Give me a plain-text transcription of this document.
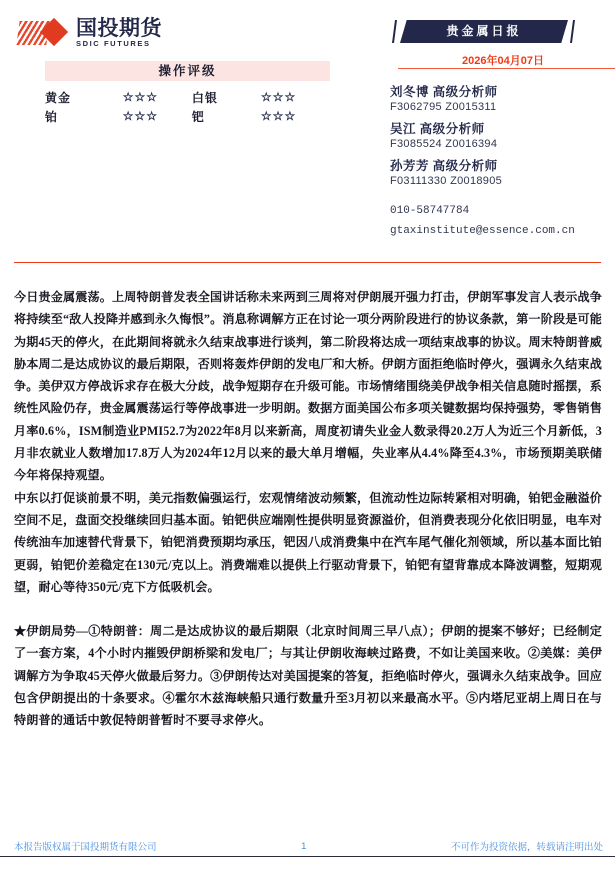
国投期货
SDIC FUTURES
操作评级
黄金	☆☆☆	白银	☆☆☆
铂	☆☆☆	钯	☆☆☆
贵金属日报
2026年04月07日
刘冬博 高级分析师
F3062795 Z0015311
吴江 高级分析师
F3085524 Z0016394
孙芳芳 高级分析师
F03111330 Z0018905
010-58747784
gtaxinstitute@essence.com.cn

今日贵金属震荡。上周特朗普发表全国讲话称未来两到三周将对伊朗展开强力打击，伊朗军事发言人表示战争将持续至“敌人投降并感到永久悔恨”。消息称调解方正在讨论一项分两阶段进行的协议条款，第一阶段是可能为期45天的停火，在此期间将就永久结束战事进行谈判，第二阶段将达成一项结束战事的协议。周末特朗普威胁本周二是达成协议的最后期限，否则将轰炸伊朗的发电厂和大桥。伊朗方面拒绝临时停火，强调永久结束战争。美伊双方停战诉求存在极大分歧，战争短期存在升级可能。市场情绪围绕美伊战争相关信息随时摇摆，系统性风险仍存，贵金属震荡运行等停战事进一步明朗。数据方面美国公布多项关键数据均保持强势，零售销售月率0.6%，ISM制造业PMI52.7为2022年8月以来新高，周度初请失业金人数录得20.2万人为近三个月新低，3月非农就业人数增加17.8万人为2024年12月以来的最大单月增幅，失业率从4.4%降至4.3%，市场预期美联储今年将保持观望。

中东以打促谈前景不明，美元指数偏强运行，宏观情绪波动频繁，但流动性边际转紧相对明确，铂钯金融溢价空间不足，盘面交投继续回归基本面。铂钯供应端刚性提供明显资源溢价，但消费表现分化依旧明显，电车对传统油车加速替代背景下，铂钯消费预期均承压，钯因八成消费集中在汽车尾气催化剂领域，所以基本面比铂更弱，铂钯价差稳定在130元/克以上。消费端难以提供上行驱动背景下，铂钯有望背靠成本降波调整，短期观望，耐心等待350元/克下方低吸机会。

★伊朗局势—①特朗普：周二是达成协议的最后期限（北京时间周三早八点）；伊朗的提案不够好；已经制定了一套方案，4个小时内摧毁伊朗桥梁和发电厂；与其让伊朗收海峡过路费，不如让美国来收。②美媒：美伊调解方为争取45天停火做最后努力。③伊朗传达对美国提案的答复，拒绝临时停火，强调永久结束战争。回应包含伊朗提出的十条要求。④霍尔木兹海峡船只通行数量升至3月初以来最高水平。⑤内塔尼亚胡上周日在与特朗普的通话中敦促特朗普暂时不要寻求停火。

本报告版权属于国投期货有限公司	1	不可作为投资依据，转载请注明出处
